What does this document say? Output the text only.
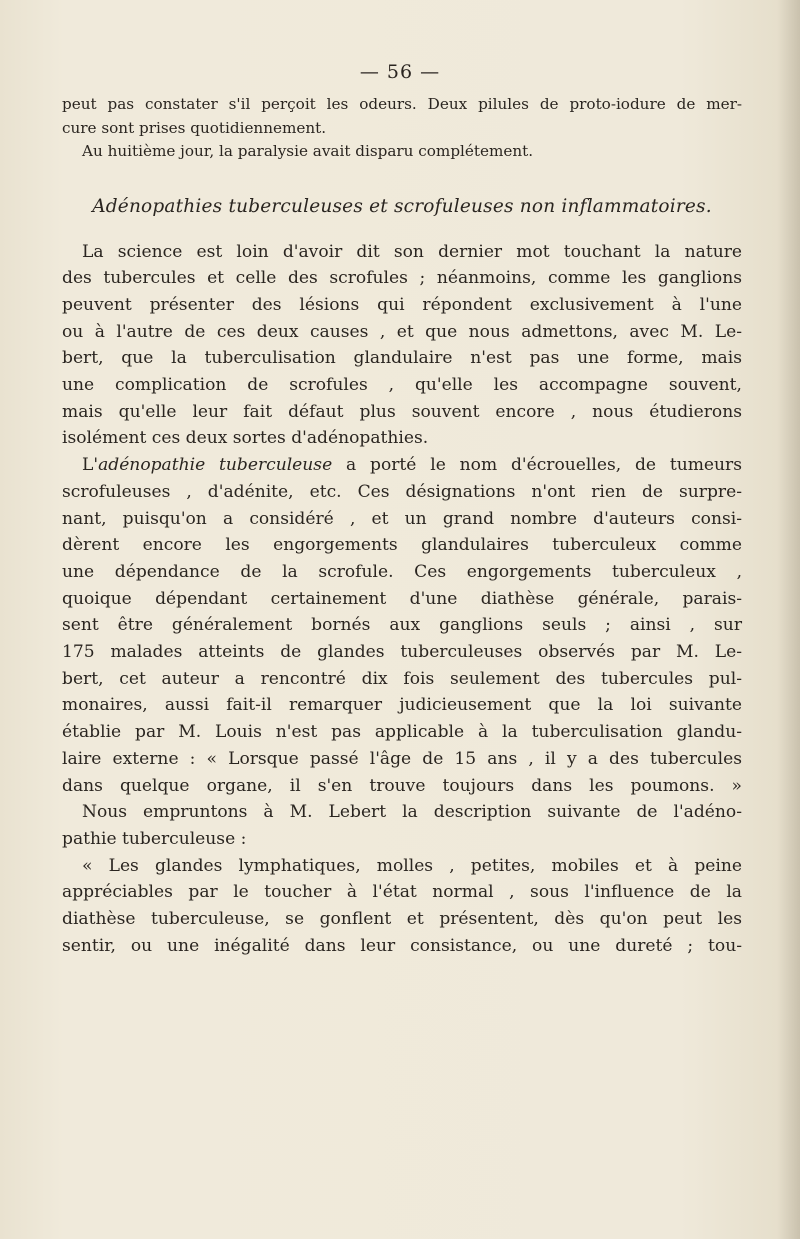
— 56 —
peut pas constater s'il perçoit les odeurs. Deux pilules de proto-iodure de mer-
cure sont prises quotidiennement.
Au huitième jour, la paralysie avait disparu complétement.
Adénopathies tuberculeuses et scrofuleuses non inflammatoires.
La science est loin d'avoir dit son dernier mot touchant la nature
des tubercules et celle des scrofules ; néanmoins, comme les ganglions
peuvent présenter des lésions qui répondent exclusivement à l'une
ou à l'autre de ces deux causes , et que nous admettons, avec M. Le-
bert, que la tuberculisation glandulaire n'est pas une forme, mais
une complication de scrofules , qu'elle les accompagne souvent,
mais qu'elle leur fait défaut plus souvent encore , nous étudierons
isolément ces deux sortes d'adénopathies.
L'adénopathie tuberculeuse a porté le nom d'écrouelles, de tumeurs
scrofuleuses , d'adénite, etc. Ces désignations n'ont rien de surpre-
nant, puisqu'on a considéré , et un grand nombre d'auteurs consi-
dèrent encore les engorgements glandulaires tuberculeux comme
une dépendance de la scrofule. Ces engorgements tuberculeux ,
quoique dépendant certainement d'une diathèse générale, parais-
sent être généralement bornés aux ganglions seuls ; ainsi , sur
175 malades atteints de glandes tuberculeuses observés par M. Le-
bert, cet auteur a rencontré dix fois seulement des tubercules pul-
monaires, aussi fait-il remarquer judicieusement que la loi suivante
établie par M. Louis n'est pas applicable à la tuberculisation glandu-
laire externe : « Lorsque passé l'âge de 15 ans , il y a des tubercules
dans quelque organe, il s'en trouve toujours dans les poumons. »
Nous empruntons à M. Lebert la description suivante de l'adéno-
pathie tuberculeuse :
« Les glandes lymphatiques, molles , petites, mobiles et à peine
appréciables par le toucher à l'état normal , sous l'influence de la
diathèse tuberculeuse, se gonflent et présentent, dès qu'on peut les
sentir, ou une inégalité dans leur consistance, ou une dureté ; tou-
